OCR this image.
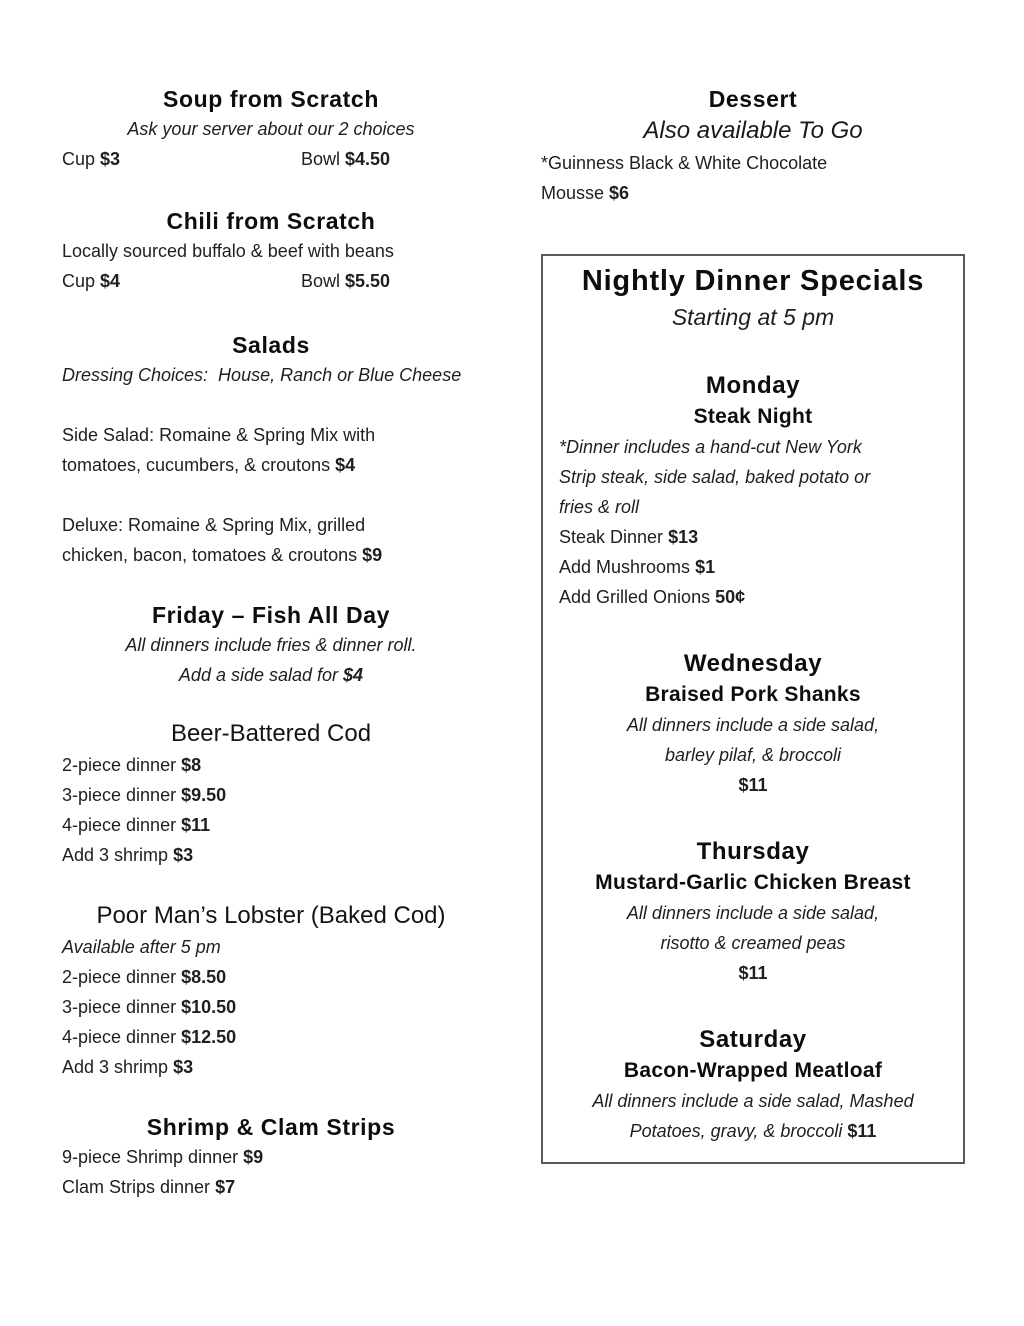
Soup from Scratch

Ask your server about our 2 choices

Cup $3	Bowl $4.50
Chili from Scratch

Locally sourced buffalo & beef with beans

Cup $4	Bowl $5.50
Salads

Dressing Choices:  House, Ranch or Blue Cheese

Side Salad: Romaine & Spring Mix with

tomatoes, cucumbers, & croutons $4

Deluxe: Romaine & Spring Mix, grilled

chicken, bacon, tomatoes & croutons $9

Friday – Fish All Day

All dinners include fries & dinner roll.

Add a side salad for $4

Beer-Battered Cod

2-piece dinner $8

3-piece dinner $9.50

4-piece dinner $11

Add 3 shrimp $3

Poor Man’s Lobster (Baked Cod)

Available after 5 pm

2-piece dinner $8.50

3-piece dinner $10.50

4-piece dinner $12.50

Add 3 shrimp $3

Shrimp & Clam Strips

9-piece Shrimp dinner $9

Clam Strips dinner $7

Dessert

Also available To Go

*Guinness Black & White Chocolate

Mousse $6

Nightly Dinner Specials

Starting at 5 pm

Monday
Steak Night

*Dinner includes a hand-cut New York

Strip steak, side salad, baked potato or

fries & roll

Steak Dinner $13

Add Mushrooms $1

Add Grilled Onions 50¢

Wednesday
Braised Pork Shanks

All dinners include a side salad,

barley pilaf, & broccoli

$11

Thursday
Mustard-Garlic Chicken Breast

All dinners include a side salad,

risotto & creamed peas

$11

Saturday
Bacon-Wrapped Meatloaf

All dinners include a side salad, Mashed

Potatoes, gravy, & broccoli $11
